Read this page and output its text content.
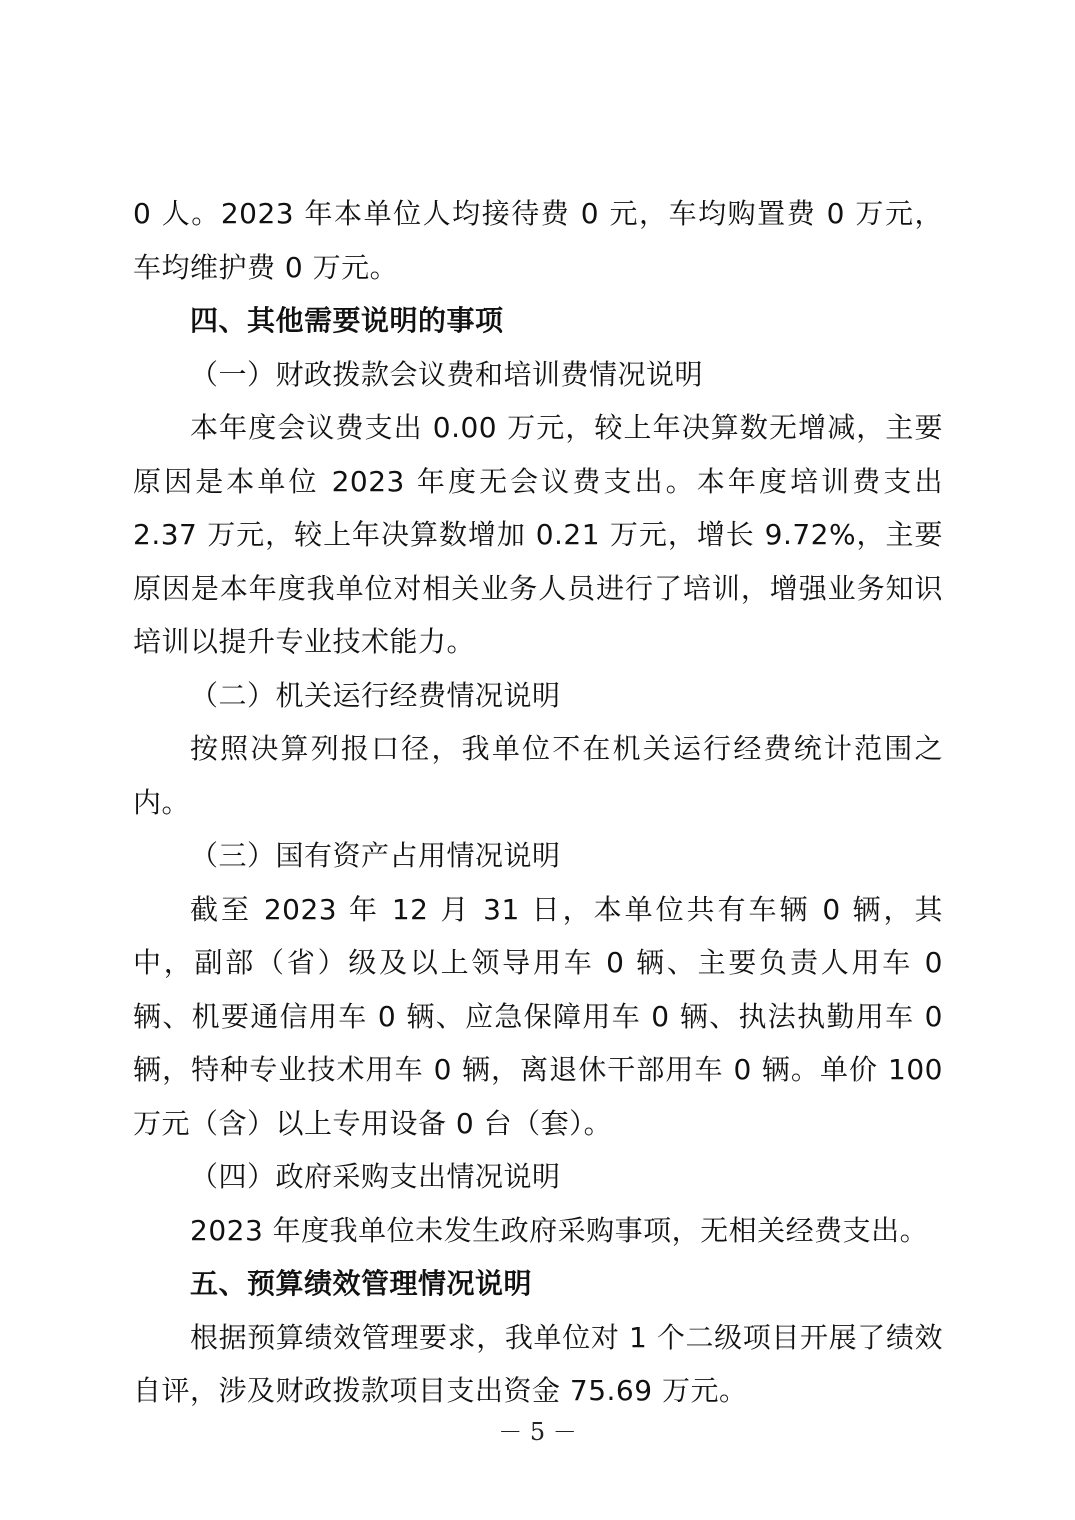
0 人。2023 年本单位人均接待费 0 元，车均购置费 0 万元，车均维护费 0 万元。

四、其他需要说明的事项

（一）财政拨款会议费和培训费情况说明

本年度会议费支出 0.00 万元，较上年决算数无增减，主要原因是本单位 2023 年度无会议费支出。本年度培训费支出 2.37 万元，较上年决算数增加 0.21 万元，增长 9.72%，主要原因是本年度我单位对相关业务人员进行了培训，增强业务知识培训以提升专业技术能力。

（二）机关运行经费情况说明

按照决算列报口径，我单位不在机关运行经费统计范围之内。

（三）国有资产占用情况说明

截至 2023 年 12 月 31 日，本单位共有车辆 0 辆，其中，副部（省）级及以上领导用车 0 辆、主要负责人用车 0 辆、机要通信用车 0 辆、应急保障用车 0 辆、执法执勤用车 0 辆，特种专业技术用车 0 辆，离退休干部用车 0 辆。单价 100 万元（含）以上专用设备 0 台（套）。

（四）政府采购支出情况说明

2023 年度我单位未发生政府采购事项，无相关经费支出。

五、预算绩效管理情况说明

根据预算绩效管理要求，我单位对 1 个二级项目开展了绩效自评，涉及财政拨款项目支出资金 75.69 万元。

－ 5 －
